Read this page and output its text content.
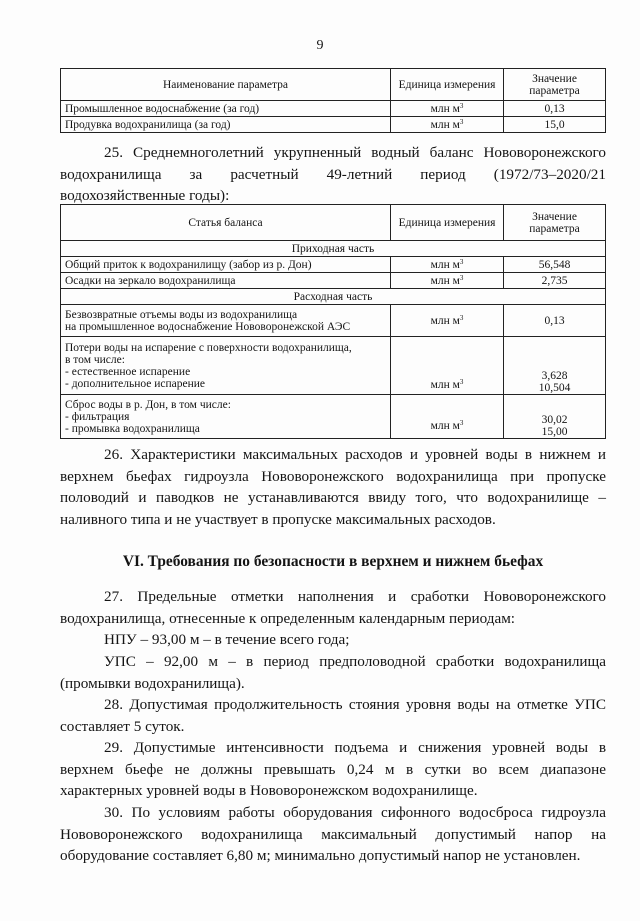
9
Наименование параметра	Единица измерения	Значение параметра
Промышленное водоснабжение (за год)	млн $м^3$	0,13
Продувка водохранилища (за год)	млн $м^3$	15,0

25. Среднемноголетний укрупненный водный баланс Нововоронежского водохранилища за расчетный 49-летний период (1972/73–2020/21 водохозяйственные годы):

Статья баланса	Единица измерения	Значение параметра
Приходная часть		
Общий приток к водохранилищу (забор из р. Дон)	млн $м^3$	56,548
Осадки на зеркало водохранилища	млн $м^3$	2,735
Расходная часть		

Безвозвратные отъемы воды из водохранилища
на промышленное водоснабжение Нововоронежской АЭС	млн $м^3$	0,13

Потери воды на испарение с поверхности водохранилища,
в том числе:
- естественное испарение
- дополнительное испарение	млн $м^3$	3,628
10,504

Сброс воды в р. Дон, в том числе:
- фильтрация
- промывка водохранилища	млн $м^3$	30,02
15,00

26. Характеристики максимальных расходов и уровней воды в нижнем и верхнем бьефах гидроузла Нововоронежского водохранилища при пропуске половодий и паводков не устанавливаются ввиду того, что водохранилище – наливного типа и не участвует в пропуске максимальных расходов.

VI. Требования по безопасности в верхнем и нижнем бьефах

27. Предельные отметки наполнения и сработки Нововоронежского водохранилища, отнесенные к определенным календарным периодам:

НПУ – 93,00 м – в течение всего года;

УПС – 92,00 м – в период предполоводной сработки водохранилища (промывки водохранилища).

28. Допустимая продолжительность стояния уровня воды на отметке УПС составляет 5 суток.

29. Допустимые интенсивности подъема и снижения уровней воды в верхнем бьефе не должны превышать 0,24 м в сутки во всем диапазоне характерных уровней воды в Нововоронежском водохранилище.

30. По условиям работы оборудования сифонного водосброса гидроузла Нововоронежского водохранилища максимальный допустимый напор на оборудование составляет 6,80 м; минимально допустимый напор не установлен.
